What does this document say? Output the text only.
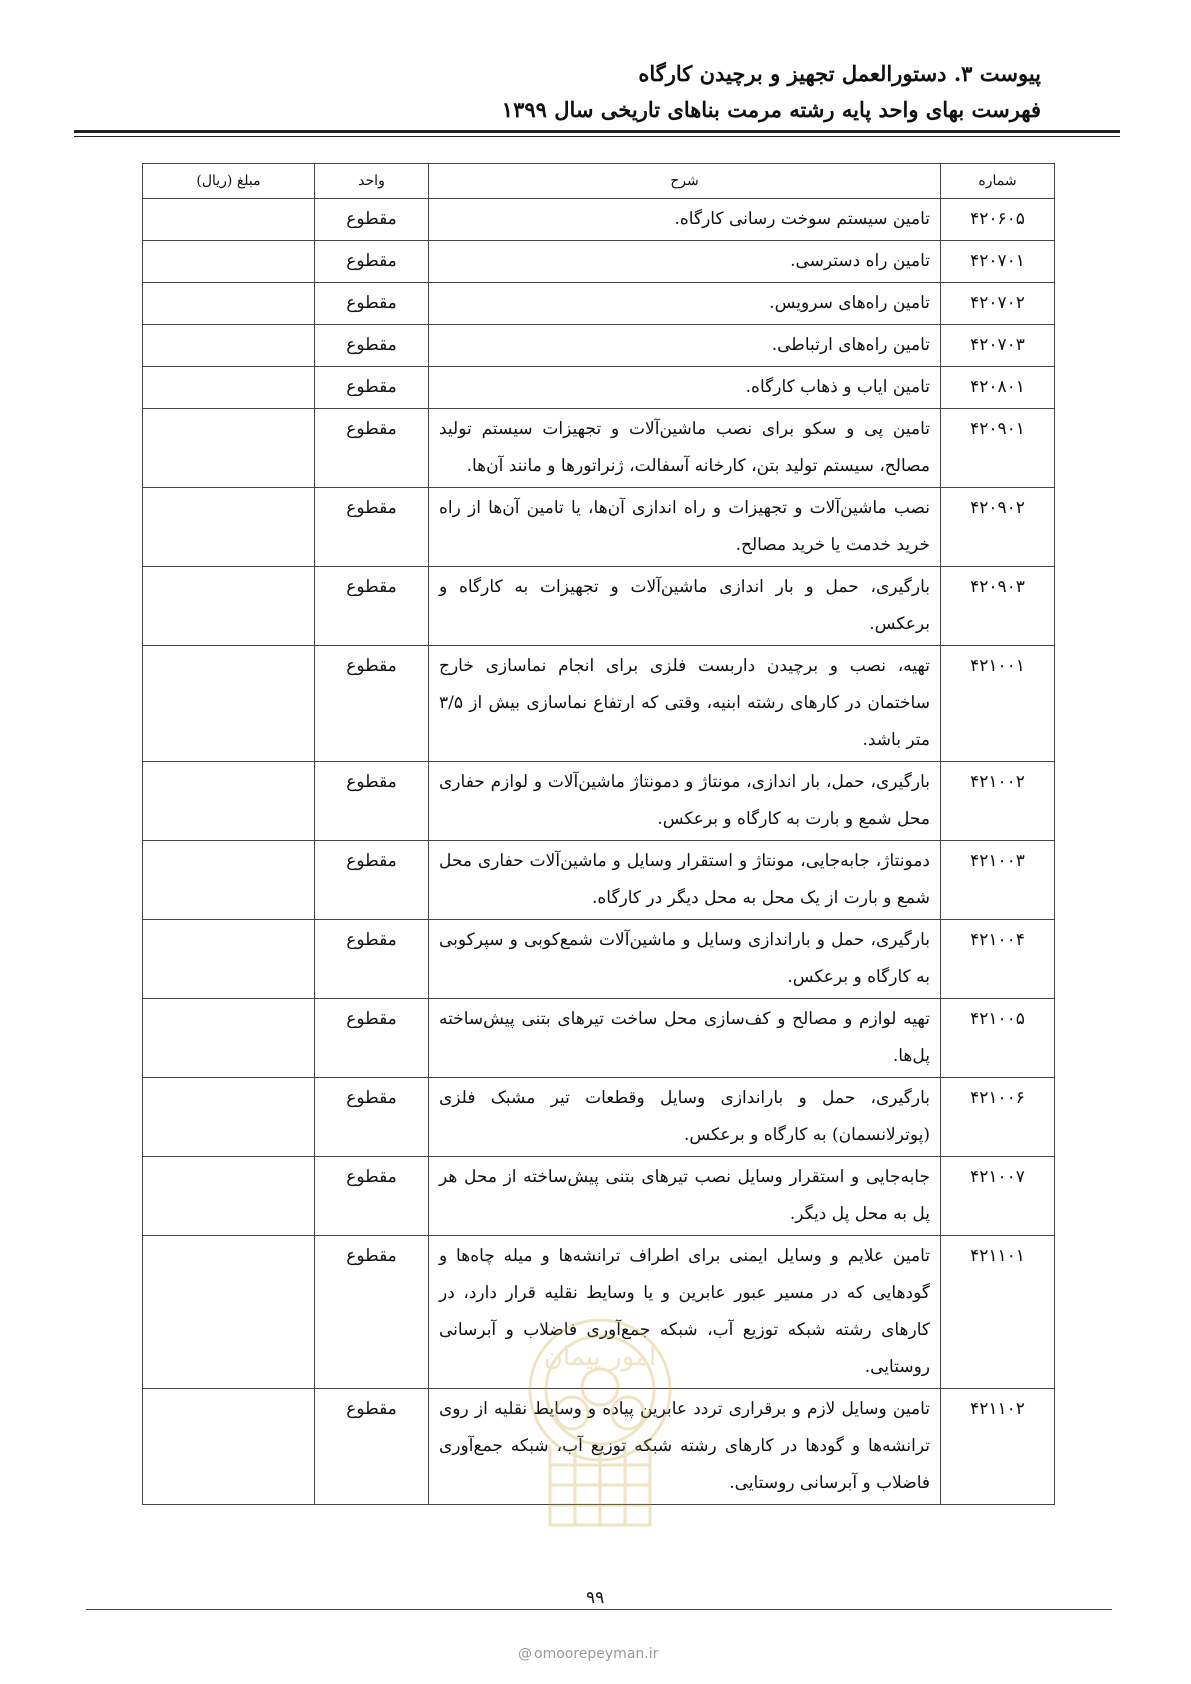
پیوست ۳. دستورالعمل تجهیز و برچیدن کارگاه
فهرست بهای واحد پایه رشته مرمت بناهای تاریخی سال ۱۳۹۹
شماره	شرح	واحد	مبلغ (ریال)
۴۲۰۶۰۵	تامین سیستم سوخت رسانی کارگاه.	مقطوع	
۴۲۰۷۰۱	تامین راه دسترسی.	مقطوع	
۴۲۰۷۰۲	تامین راه‌های سرویس.	مقطوع	
۴۲۰۷۰۳	تامین راه‌های ارتباطی.	مقطوع	
۴۲۰۸۰۱	تامین ایاب و ذهاب کارگاه.	مقطوع	
۴۲۰۹۰۱	تامین پی و سکو برای نصب ماشین‌آلات و تجهیزات سیستم تولید مصالح، سیستم تولید بتن، کارخانه آسفالت، ژنراتورها و مانند آن‌ها.	مقطوع	
۴۲۰۹۰۲	نصب ماشین‌آلات و تجهیزات و راه اندازی آن‌ها، یا تامین آن‌ها از راه خرید خدمت یا خرید مصالح.	مقطوع	
۴۲۰۹۰۳	بارگیری، حمل و بار اندازی ماشین‌آلات و تجهیزات به کارگاه و برعکس.	مقطوع	
۴۲۱۰۰۱	تهیه، نصب و برچیدن داربست فلزی برای انجام نماسازی خارج ساختمان در کارهای رشته ابنیه، وقتی که ارتفاع نماسازی بیش از ۳/۵ متر باشد.	مقطوع	
۴۲۱۰۰۲	بارگیری، حمل، بار اندازی، مونتاژ و دمونتاژ ماشین‌آلات و لوازم حفاری محل شمع و بارت به کارگاه و برعکس.	مقطوع	
۴۲۱۰۰۳	دمونتاژ، جابه‌جایی، مونتاژ و استقرار وسایل و ماشین‌آلات حفاری محل شمع و بارت از یک محل به محل دیگر در کارگاه.	مقطوع	
۴۲۱۰۰۴	بارگیری، حمل و باراندازی وسایل و ماشین‌آلات شمع‌کوبی و سپرکوبی به کارگاه و برعکس.	مقطوع	
۴۲۱۰۰۵	تهیه لوازم و مصالح و کف‌سازی محل ساخت تیرهای بتنی پیش‌ساخته پل‌ها.	مقطوع	
۴۲۱۰۰۶	بارگیری، حمل و باراندازی وسایل وقطعات تیر مشبک فلزی (پوترلانسمان) به کارگاه و برعکس.	مقطوع	
۴۲۱۰۰۷	جابه‌جایی و استقرار وسایل نصب تیرهای بتنی پیش‌ساخته از محل هر پل به محل پل دیگر.	مقطوع	
۴۲۱۱۰۱	تامین علایم و وسایل ایمنی برای اطراف ترانشه‌ها و میله چاه‌ها و گودهایی که در مسیر عبور عابرین و یا وسایط نقلیه قرار دارد، در کارهای رشته شبکه توزیع آب، شبکه جمع‌آوری فاضلاب و آبرسانی روستایی.	مقطوع	
۴۲۱۱۰۲	تامین وسایل لازم و برقراری تردد عابرین پیاده و وسایط نقلیه از روی ترانشه‌ها و گودها در کارهای رشته شبکه توزیع آب، شبکه جمع‌آوری فاضلاب و آبرسانی روستایی.	مقطوع	
امور پیمان
۹۹
@ omoorepeyman.ir
